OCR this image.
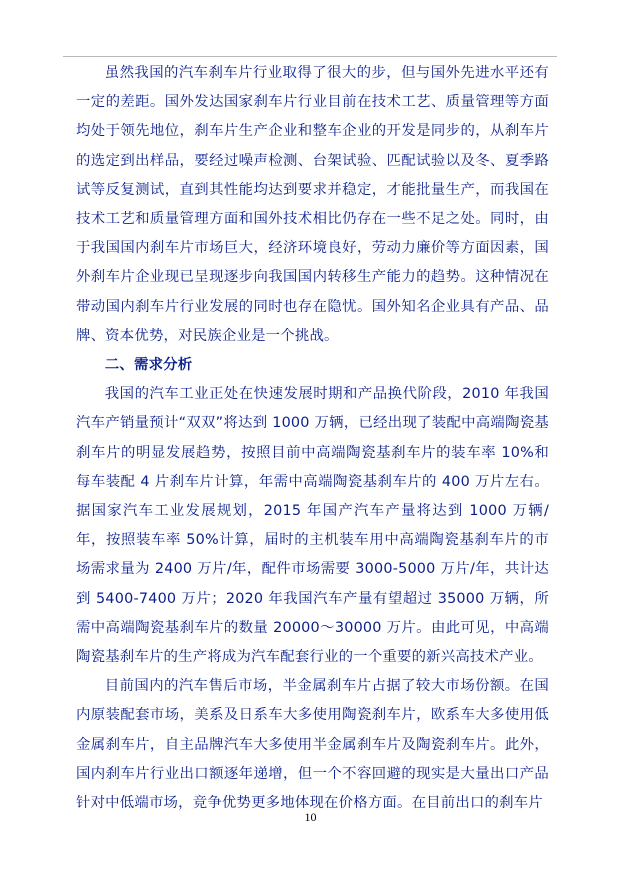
虽然我国的汽车刹车片行业取得了很大的步，但与国外先进水平还有一定的差距。国外发达国家刹车片行业目前在技术工艺、质量管理等方面均处于领先地位，刹车片生产企业和整车企业的开发是同步的，从刹车片的选定到出样品，要经过噪声检测、台架试验、匹配试验以及冬、夏季路试等反复测试，直到其性能均达到要求并稳定，才能批量生产，而我国在技术工艺和质量管理方面和国外技术相比仍存在一些不足之处。同时，由于我国国内刹车片市场巨大，经济环境良好，劳动力廉价等方面因素，国外刹车片企业现已呈现逐步向我国国内转移生产能力的趋势。这种情况在带动国内刹车片行业发展的同时也存在隐忧。国外知名企业具有产品、品牌、资本优势，对民族企业是一个挑战。

二、需求分析

我国的汽车工业正处在快速发展时期和产品换代阶段，2010 年我国汽车产销量预计“双双”将达到 1000 万辆，已经出现了装配中高端陶瓷基刹车片的明显发展趋势，按照目前中高端陶瓷基刹车片的装车率 10%和每车装配 4 片刹车片计算，年需中高端陶瓷基刹车片的 400 万片左右。据国家汽车工业发展规划，2015 年国产汽车产量将达到 1000 万辆/年，按照装车率 50%计算，届时的主机装车用中高端陶瓷基刹车片的市场需求量为 2400 万片/年，配件市场需要 3000-5000 万片/年，共计达到 5400-7400 万片；2020 年我国汽车产量有望超过 35000 万辆，所需中高端陶瓷基刹车片的数量 20000～30000 万片。由此可见，中高端陶瓷基刹车片的生产将成为汽车配套行业的一个重要的新兴高技术产业。

目前国内的汽车售后市场，半金属刹车片占据了较大市场份额。在国内原装配套市场，美系及日系车大多使用陶瓷刹车片，欧系车大多使用低金属刹车片，自主品牌汽车大多使用半金属刹车片及陶瓷刹车片。此外，国内刹车片行业出口额逐年递增，但一个不容回避的现实是大量出口产品针对中低端市场，竞争优势更多地体现在价格方面。在目前出口的刹车片

10
